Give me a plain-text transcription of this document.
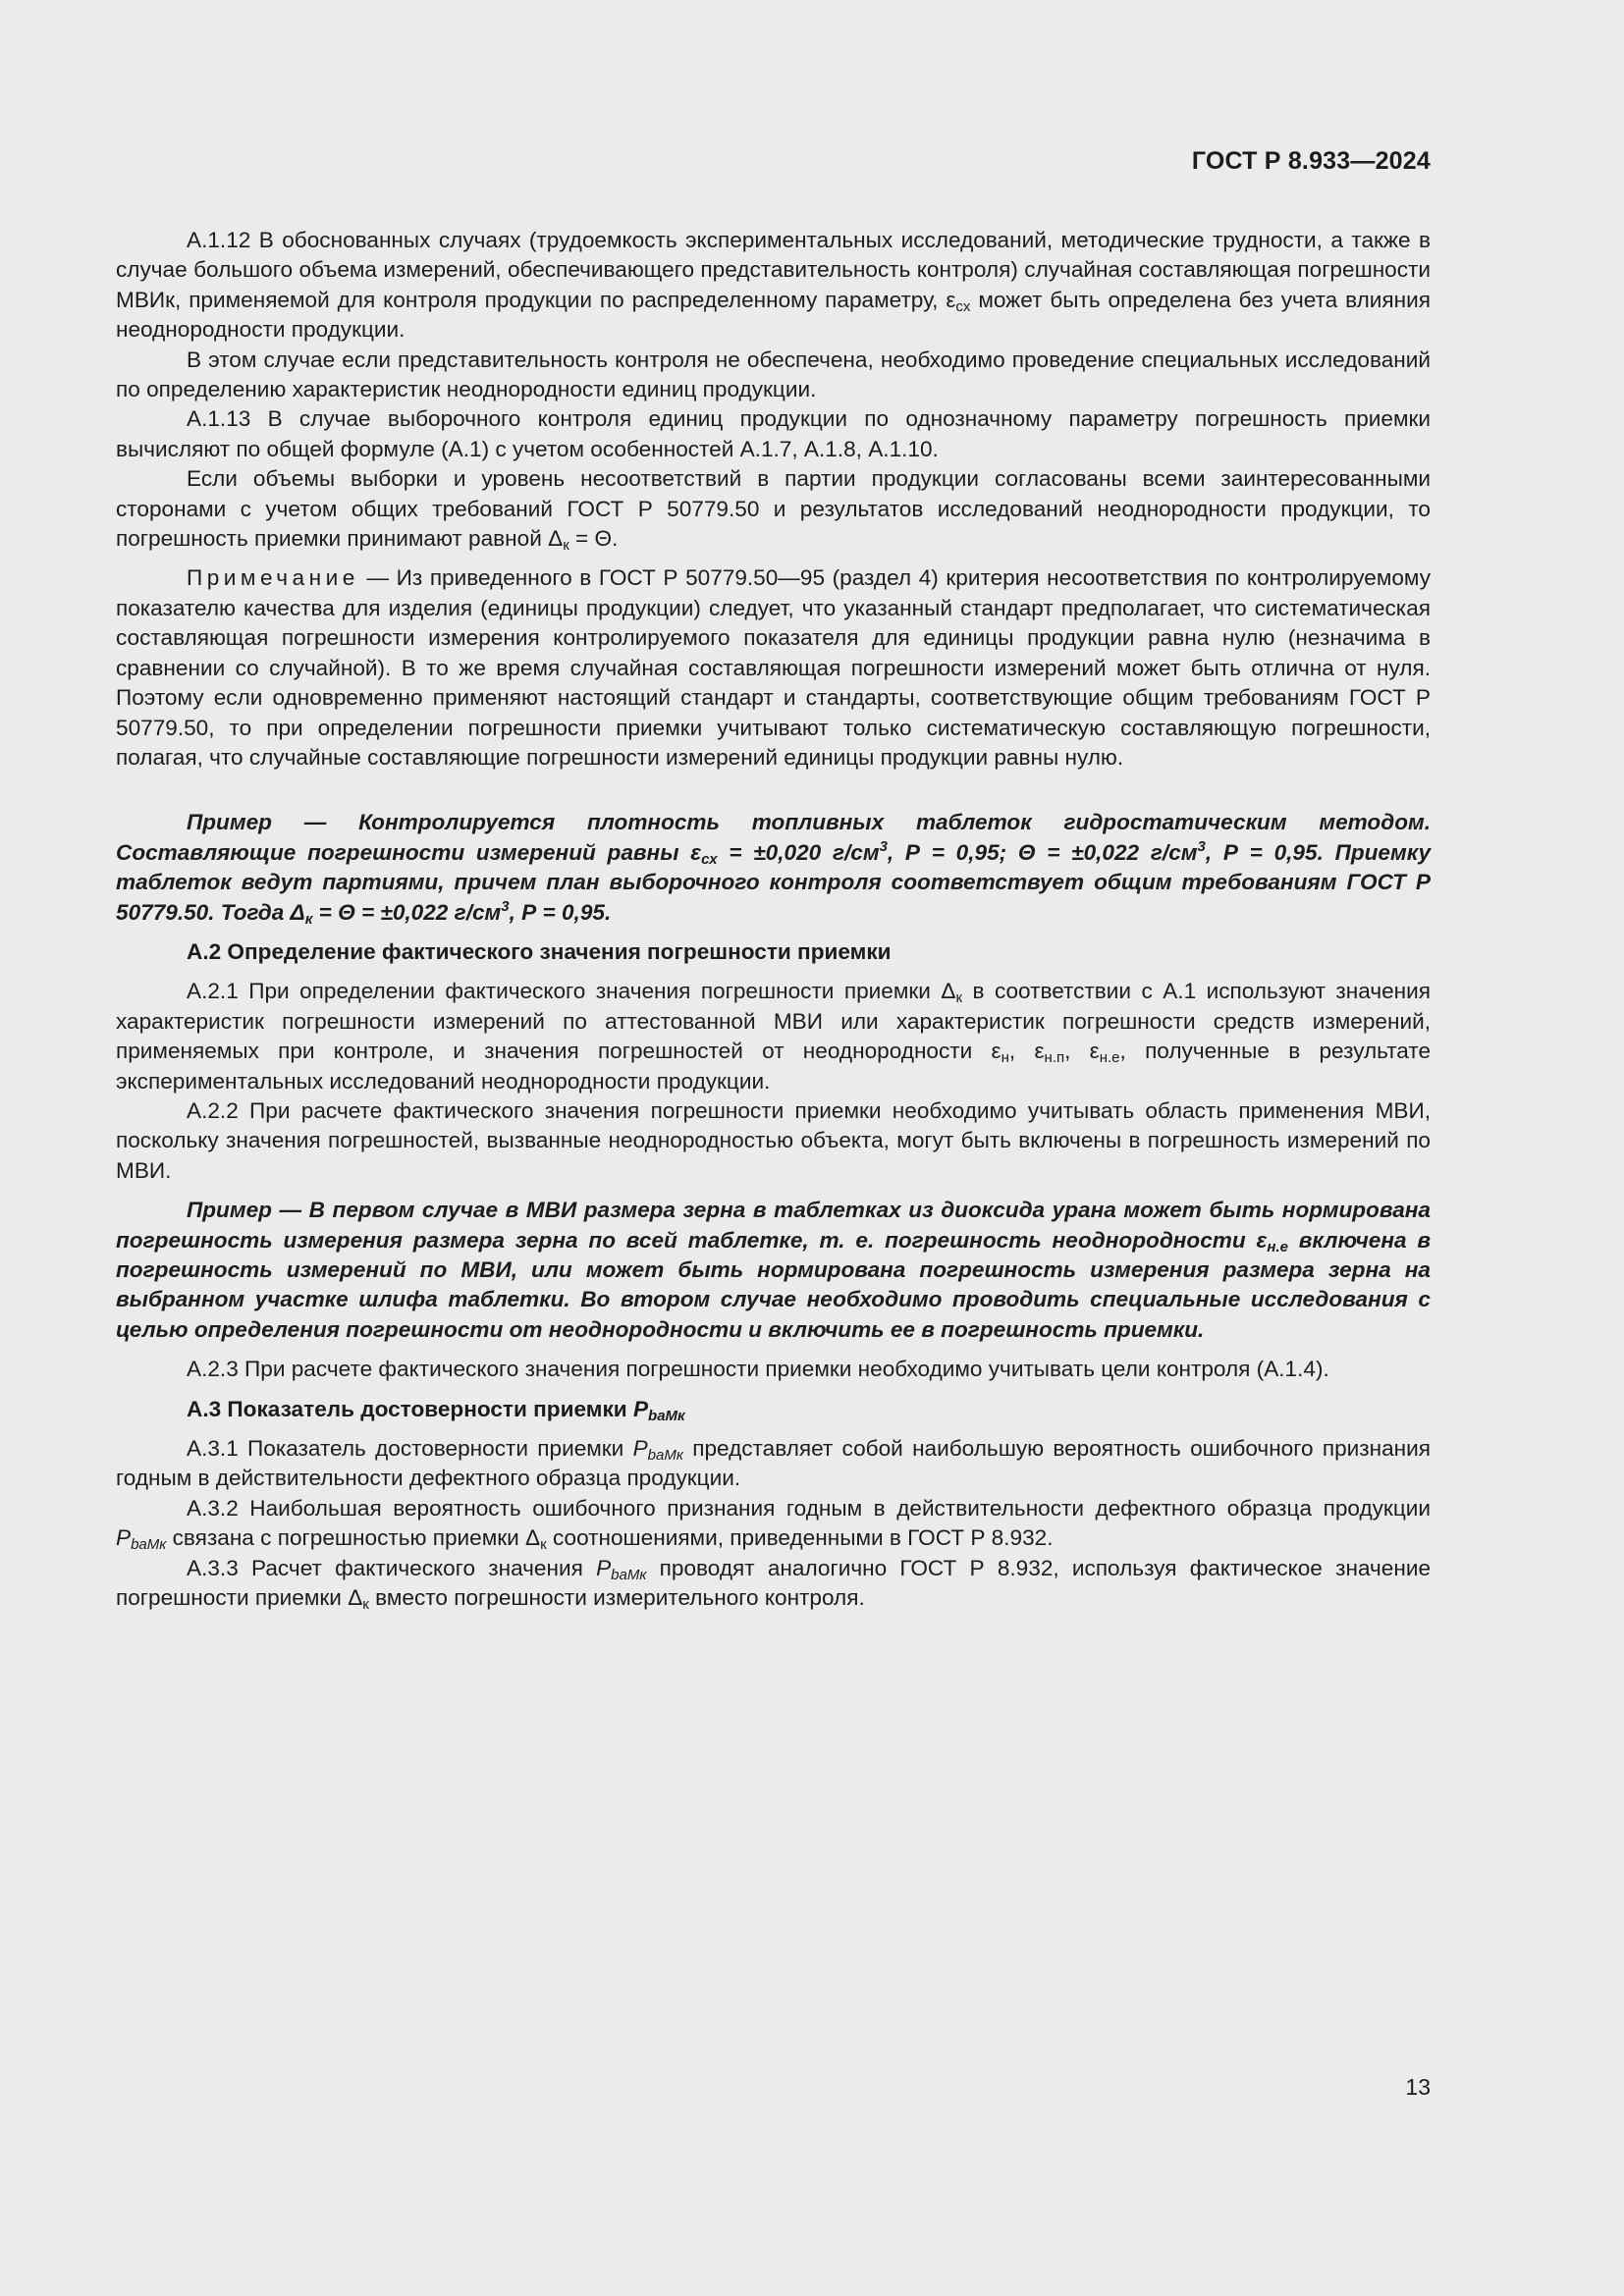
ГОСТ Р 8.933—2024

А.1.12 В обоснованных случаях (трудоемкость экспериментальных исследований, методические трудности, а также в случае большого объема измерений, обеспечивающего представительность контроля) случайная составляющая погрешности МВИк, применяемой для контроля продукции по распределенному параметру, $\varepsilon_{сх}$ может быть определена без учета влияния неоднородности продукции.

В этом случае если представительность контроля не обеспечена, необходимо проведение специальных исследований по определению характеристик неоднородности единиц продукции.

А.1.13 В случае выборочного контроля единиц продукции по однозначному параметру погрешность приемки вычисляют по общей формуле (А.1) с учетом особенностей А.1.7, А.1.8, А.1.10.

Если объемы выборки и уровень несоответствий в партии продукции согласованы всеми заинтересованными сторонами с учетом общих требований ГОСТ Р 50779.50 и результатов исследований неоднородности продукции, то погрешность приемки принимают равной $\Delta_к = \Theta$.

Примечание — Из приведенного в ГОСТ Р 50779.50—95 (раздел 4) критерия несоответствия по контролируемому показателю качества для изделия (единицы продукции) следует, что указанный стандарт предполагает, что систематическая составляющая погрешности измерения контролируемого показателя для единицы продукции равна нулю (незначима в сравнении со случайной). В то же время случайная составляющая погрешности измерений может быть отлична от нуля. Поэтому если одновременно применяют настоящий стандарт и стандарты, соответствующие общим требованиям ГОСТ Р 50779.50, то при определении погрешности приемки учитывают только систематическую составляющую погрешности, полагая, что случайные составляющие погрешности измерений единицы продукции равны нулю.

Пример — Контролируется плотность топливных таблеток гидростатическим методом. Составляющие погрешности измерений равны $\varepsilon_{сх} = \pm 0,020$ $г/см^3$, Р = 0,95; Θ = ±0,022 $г/см^3$, Р = 0,95. Приемку таблеток ведут партиями, причем план выборочного контроля соответствует общим требованиям ГОСТ Р 50779.50. Тогда $\Delta_к = \Theta = \pm 0,022$ $г/см^3$, Р = 0,95.

А.2 Определение фактического значения погрешности приемки

А.2.1 При определении фактического значения погрешности приемки $\Delta_к$ в соответствии с А.1 используют значения характеристик погрешности измерений по аттестованной МВИ или характеристик погрешности средств измерений, применяемых при контроле, и значения погрешностей от неоднородности $\varepsilon_н$, $\varepsilon_{н.п}$, $\varepsilon_{н.е}$, полученные в результате экспериментальных исследований неоднородности продукции.

А.2.2 При расчете фактического значения погрешности приемки необходимо учитывать область применения МВИ, поскольку значения погрешностей, вызванные неоднородностью объекта, могут быть включены в погрешность измерений по МВИ.

Пример — В первом случае в МВИ размера зерна в таблетках из диоксида урана может быть нормирована погрешность измерения размера зерна по всей таблетке, т. е. погрешность неоднородности $\varepsilon_{н.е}$ включена в погрешность измерений по МВИ, или может быть нормирована погрешность измерения размера зерна на выбранном участке шлифа таблетки. Во втором случае необходимо проводить специальные исследования с целью определения погрешности от неоднородности и включить ее в погрешность приемки.

А.2.3 При расчете фактического значения погрешности приемки необходимо учитывать цели контроля (А.1.4).

А.3 Показатель достоверности приемки $P_{baMк}$

А.3.1 Показатель достоверности приемки $P_{baMк}$ представляет собой наибольшую вероятность ошибочного признания годным в действительности дефектного образца продукции.

А.3.2 Наибольшая вероятность ошибочного признания годным в действительности дефектного образца продукции $P_{baMк}$ связана с погрешностью приемки $\Delta_к$ соотношениями, приведенными в ГОСТ Р 8.932.

А.3.3 Расчет фактического значения $P_{baMк}$ проводят аналогично ГОСТ Р 8.932, используя фактическое значение погрешности приемки $\Delta_к$ вместо погрешности измерительного контроля.

13
